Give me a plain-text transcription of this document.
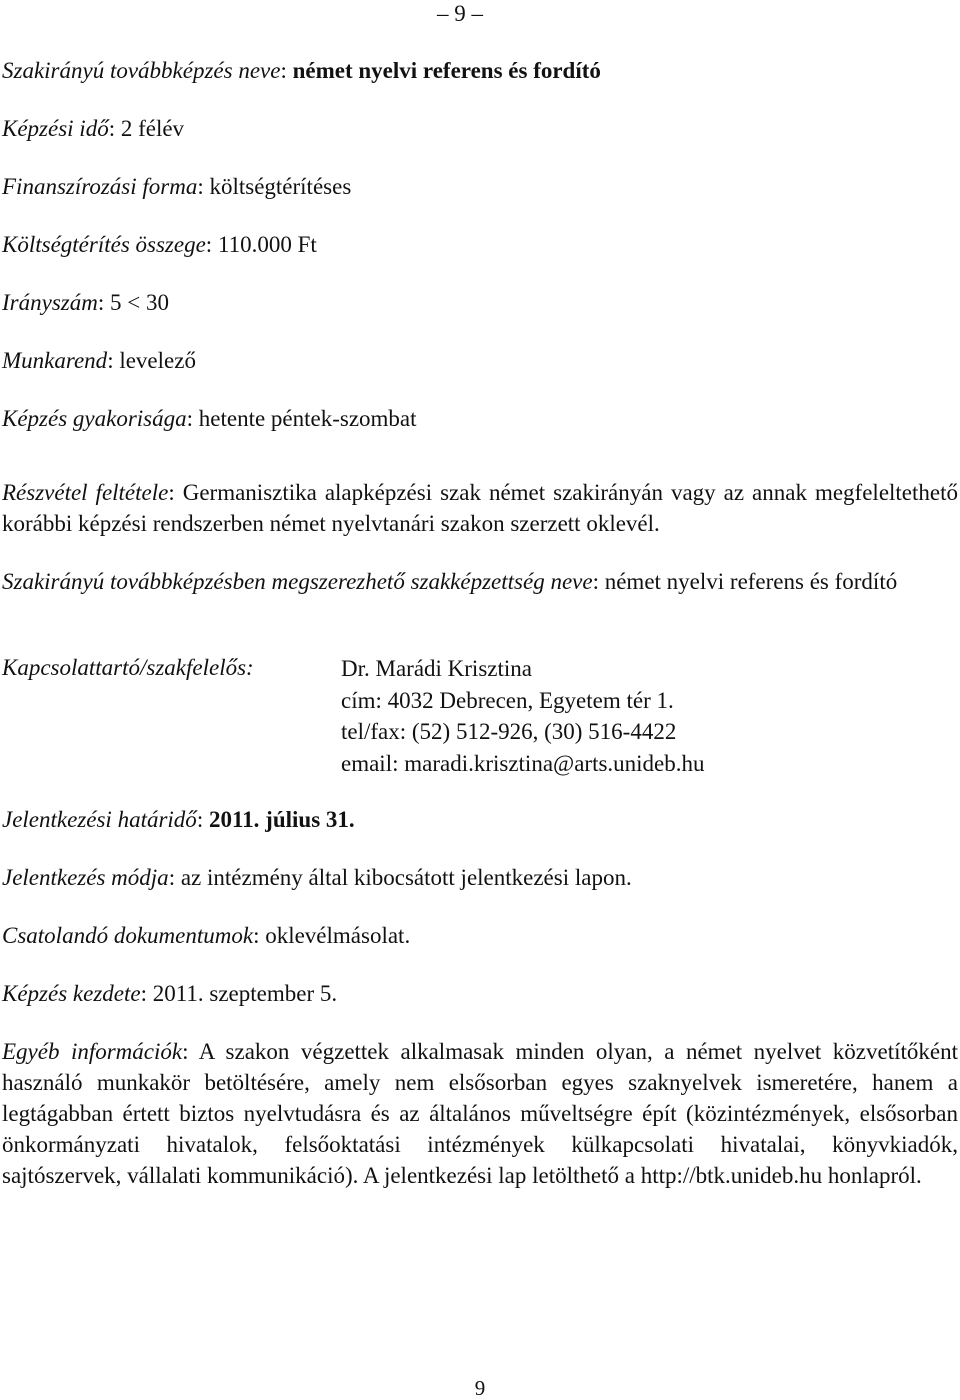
– 9 –
Szakirányú továbbképzés neve: német nyelvi referens és fordító
Képzési idő: 2 félév
Finanszírozási forma: költségtérítéses
Költségtérítés összege: 110.000 Ft
Irányszám: 5 < 30
Munkarend: levelező
Képzés gyakorisága: hetente péntek-szombat
Részvétel feltétele: Germanisztika alapképzési szak német szakirányán vagy az annak megfeleltethető korábbi képzési rendszerben német nyelvtanári szakon szerzett oklevél.
Szakirányú továbbképzésben megszerezhető szakképzettség neve: német nyelvi referens és fordító
Kapcsolattartó/szakfelelős:	Dr. Marádi Krisztina
cím: 4032 Debrecen, Egyetem tér 1.
tel/fax: (52) 512-926, (30) 516-4422
email: maradi.krisztina@arts.unideb.hu
Jelentkezési határidő: 2011. július 31.
Jelentkezés módja: az intézmény által kibocsátott jelentkezési lapon.
Csatolandó dokumentumok: oklevélmásolat.
Képzés kezdete: 2011. szeptember 5.
Egyéb információk: A szakon végzettek alkalmasak minden olyan, a német nyelvet közvetítőként használó munkakör betöltésére, amely nem elsősorban egyes szaknyelvek ismeretére, hanem a legtágabban értett biztos nyelvtudásra és az általános műveltségre épít (közintézmények, elsősorban önkormányzati hivatalok, felsőoktatási intézmények külkapcsolati hivatalai, könyvkiadók, sajtószervek, vállalati kommunikáció). A jelentkezési lap letölthető a http://btk.unideb.hu honlapról.
9
